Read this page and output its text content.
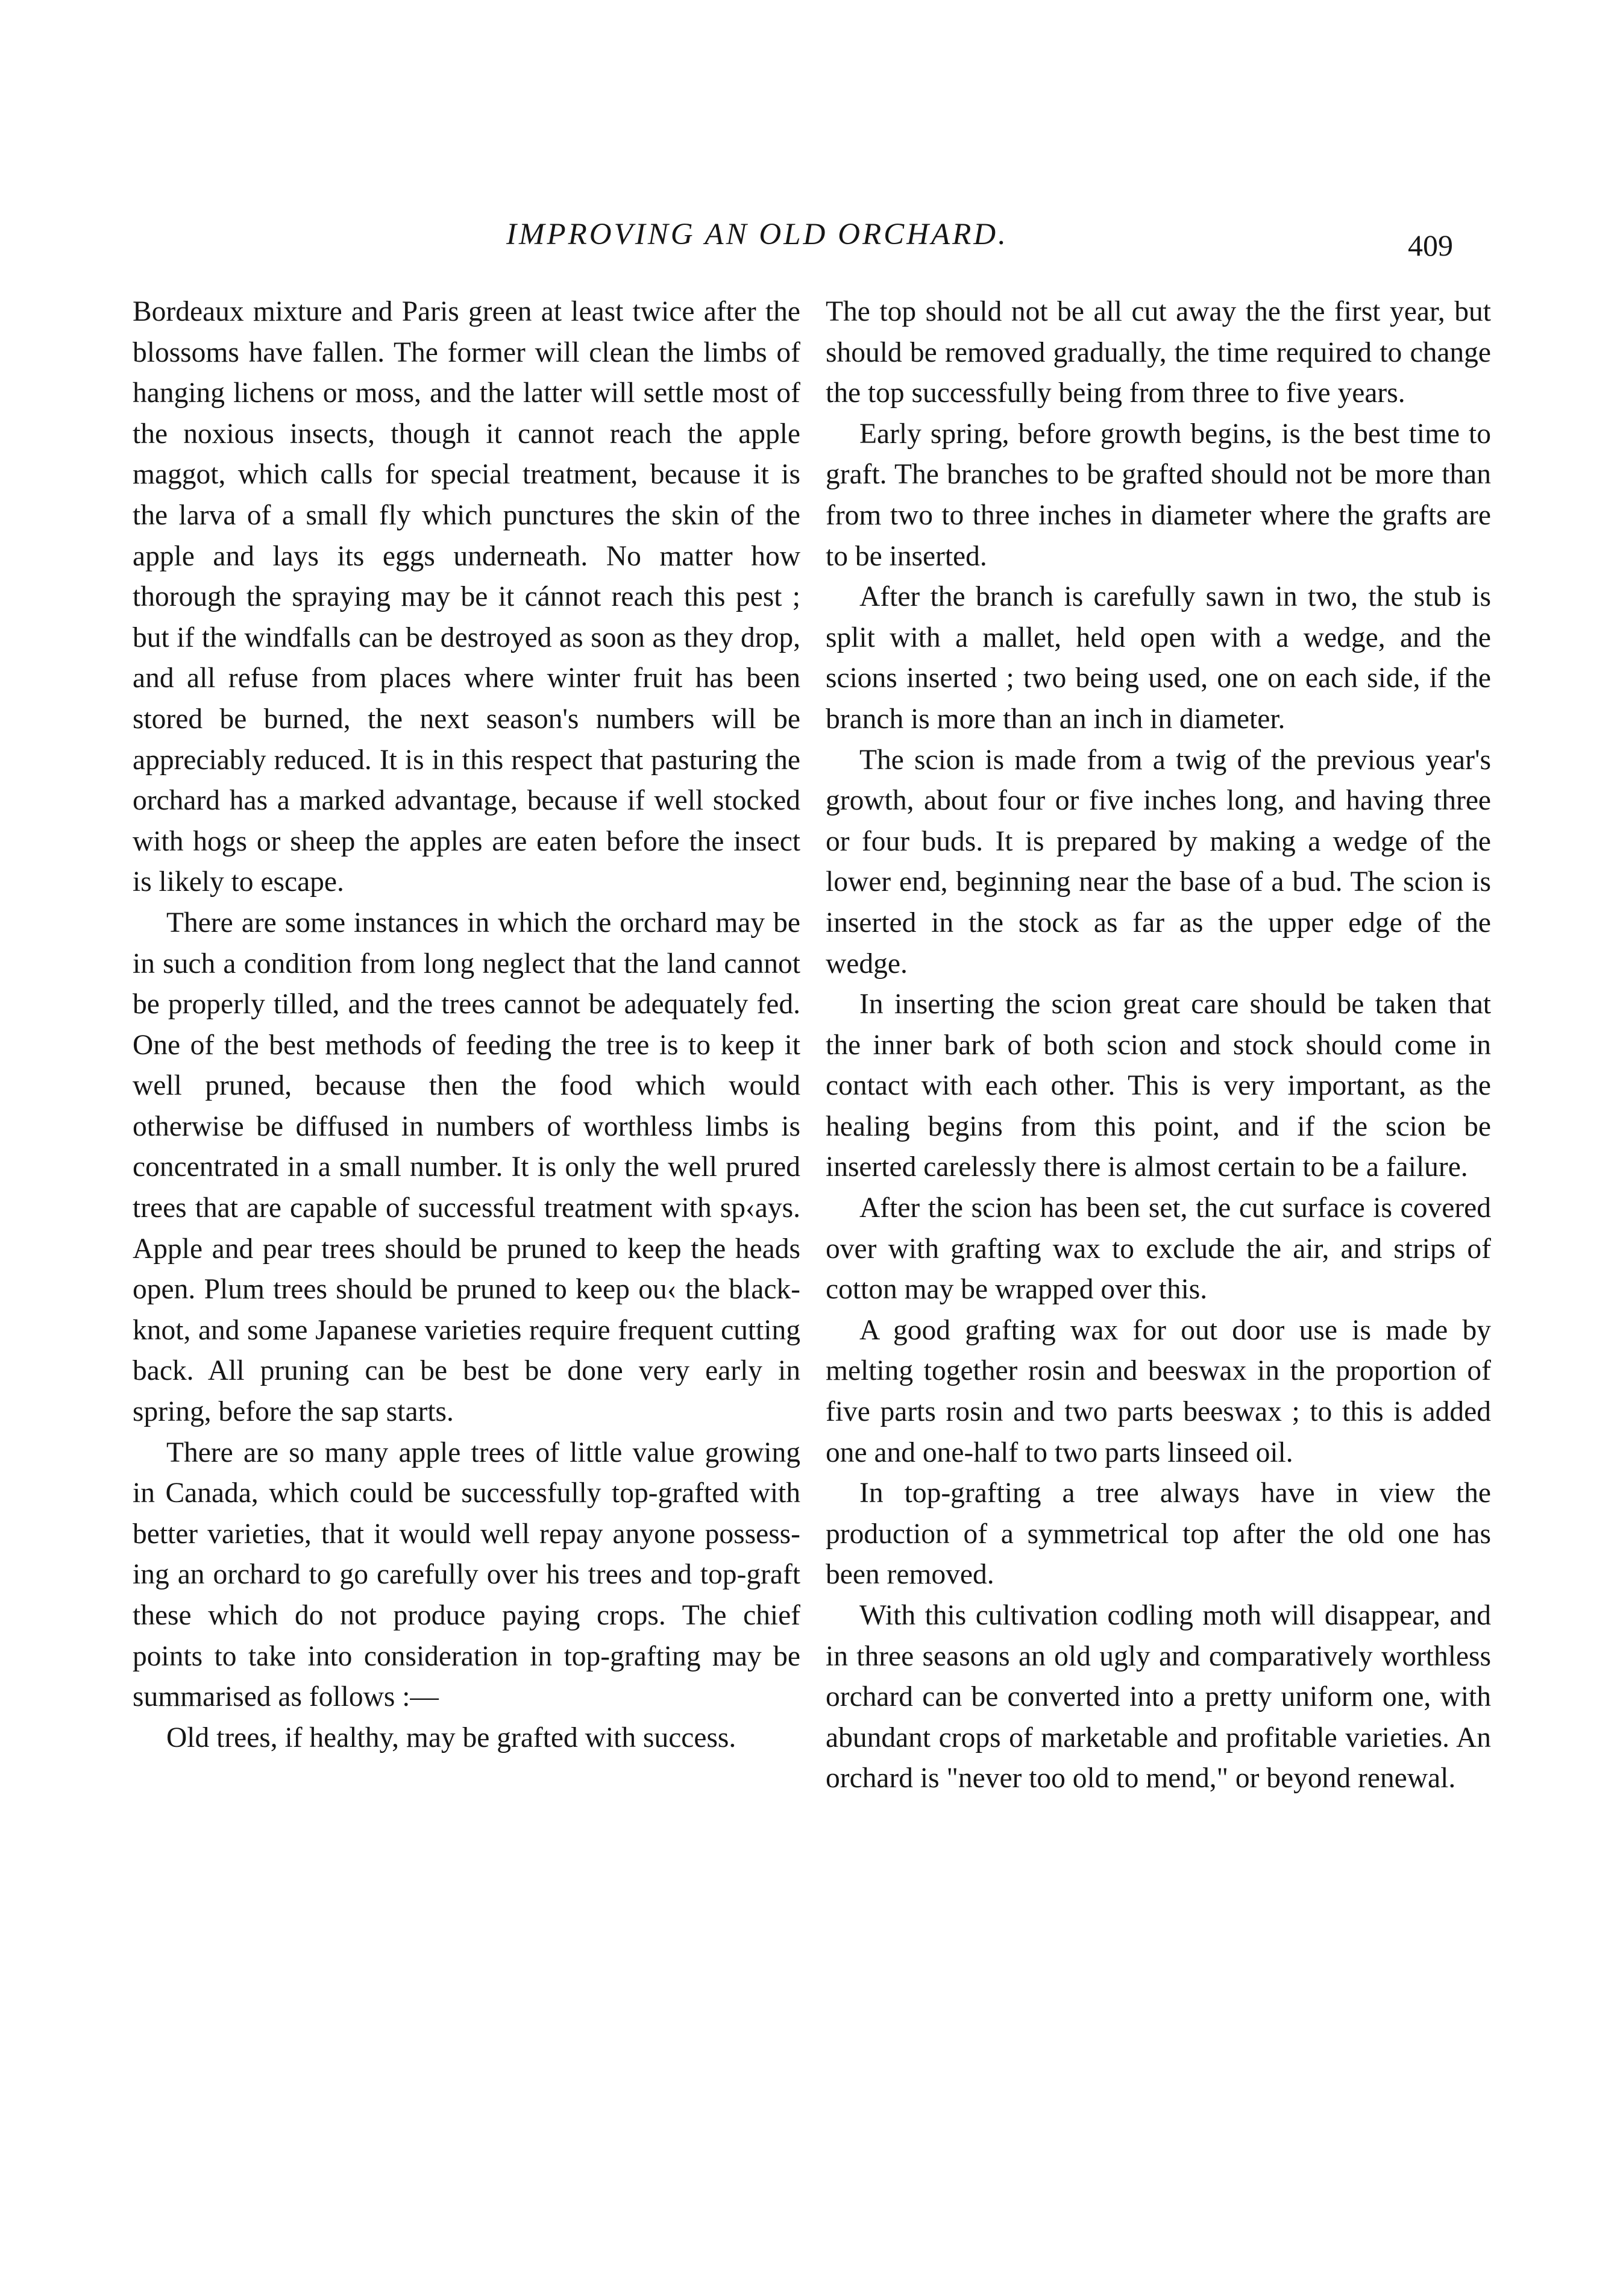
IMPROVING AN OLD ORCHARD.	409

Bordeaux mixture and Paris green at least twice after the blossoms have fallen. The former will clean the limbs of hanging lichens or moss, and the latter will settle most of the noxious insects, though it cannot reach the apple maggot, which calls for special treatment, because it is the larva of a small fly which punctures the skin of the apple and lays its eggs underneath. No matter how thorough the spraying may be it cánnot reach this pest ; but if the windfalls can be destroyed as soon as they drop, and all refuse from places where winter fruit has been stored be burned, the next season's numbers will be appreciably reduced. It is in this respect that pasturing the orchard has a marked advantage, because if well stocked with hogs or sheep the apples are eaten before the insect is likely to escape.

There are some instances in which the orchard may be in such a condition from long neglect that the land cannot be properly tilled, and the trees cannot be adequately fed. One of the best methods of feeding the tree is to keep it well pruned, because then the food which would otherwise be diffused in numbers of worthless limbs is concentrated in a small number. It is only the well prured trees that are capable of successful treatment with sp‹ays. Apple and pear trees should be pruned to keep the heads open. Plum trees should be pruned to keep ou‹ the black-knot, and some Japanese varieties require frequent cutting back. All pruning can be best be done very early in spring, before the sap starts.

There are so many apple trees of little value growing in Canada, which could be successfully top-grafted with better varieties, that it would well repay anyone possessing an orchard to go carefully over his trees and top-graft these which do not produce paying crops. The chief points to take into consideration in top-grafting may be summarised as follows :—

Old trees, if healthy, may be grafted with success.

The top should not be all cut away the the first year, but should be removed gradually, the time required to change the top successfully being from three to five years.

Early spring, before growth begins, is the best time to graft. The branches to be grafted should not be more than from two to three inches in diameter where the grafts are to be inserted.

After the branch is carefully sawn in two, the stub is split with a mallet, held open with a wedge, and the scions inserted ; two being used, one on each side, if the branch is more than an inch in diameter.

The scion is made from a twig of the previous year's growth, about four or five inches long, and having three or four buds. It is prepared by making a wedge of the lower end, beginning near the base of a bud. The scion is inserted in the stock as far as the upper edge of the wedge.

In inserting the scion great care should be taken that the inner bark of both scion and stock should come in contact with each other. This is very important, as the healing begins from this point, and if the scion be inserted carelessly there is almost certain to be a failure.

After the scion has been set, the cut surface is covered over with grafting wax to exclude the air, and strips of cotton may be wrapped over this.

A good grafting wax for out door use is made by melting together rosin and beeswax in the proportion of five parts rosin and two parts beeswax ; to this is added one and one-half to two parts linseed oil.

In top-grafting a tree always have in view the production of a symmetrical top after the old one has been removed.

With this cultivation codling moth will disappear, and in three seasons an old ugly and comparatively worthless orchard can be converted into a pretty uniform one, with abundant crops of marketable and profitable varieties. An orchard is "never too old to mend," or beyond renewal.
